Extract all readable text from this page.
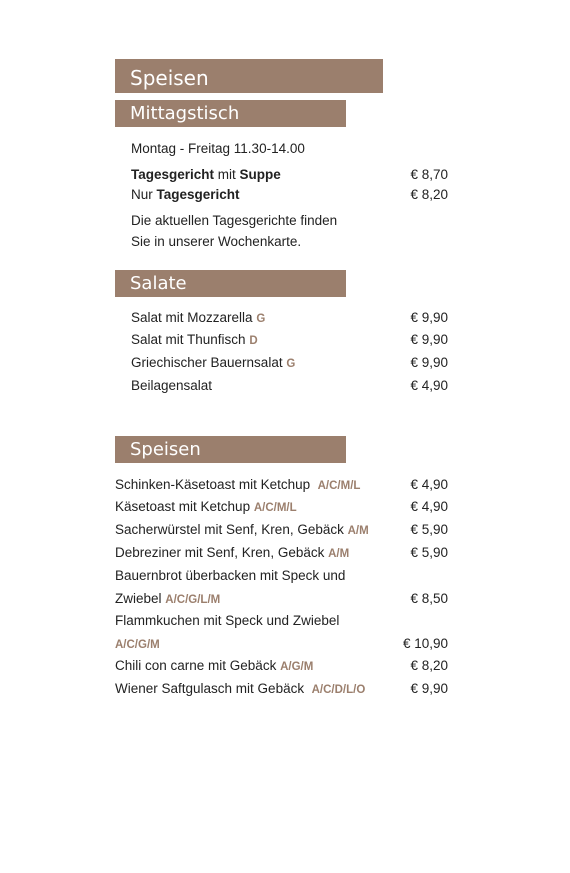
Speisen
Mittagstisch
Montag - Freitag 11.30-14.00
Tagesgericht mit Suppe	€ 8,70
Nur Tagesgericht	€ 8,20
Die aktuellen Tagesgerichte finden
Sie in unserer Wochenkarte.
Salate
Salat mit Mozzarella G	€ 9,90
Salat mit Thunfisch D	€ 9,90
Griechischer Bauernsalat G	€ 9,90
Beilagensalat	€ 4,90
Speisen
Schinken-Käsetoast mit Ketchup A/C/M/L	€ 4,90
Käsetoast mit Ketchup A/C/M/L	€ 4,90
Sacherwürstel mit Senf, Kren, Gebäck A/M	€ 5,90
Debreziner mit Senf, Kren, Gebäck A/M	€ 5,90
Bauernbrot überbacken mit Speck und
Zwiebel A/C/G/L/M	€ 8,50
Flammkuchen mit Speck und Zwiebel
A/C/G/M	€ 10,90
Chili con carne mit Gebäck A/G/M	€ 8,20
Wiener Saftgulasch mit Gebäck A/C/D/L/O	€ 9,90
